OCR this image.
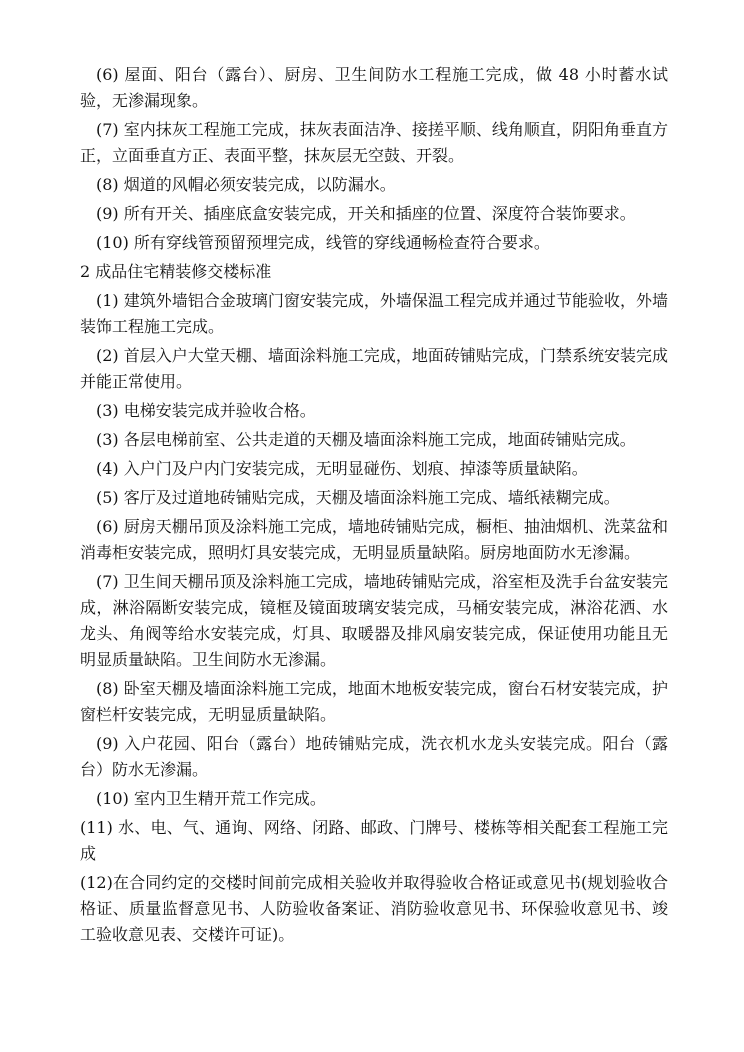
(6) 屋面、阳台（露台）、厨房、卫生间防水工程施工完成，做 48 小时蓄水试验，无渗漏现象。

(7) 室内抹灰工程施工完成，抹灰表面洁净、接搓平顺、线角顺直，阴阳角垂直方正，立面垂直方正、表面平整，抹灰层无空鼓、开裂。

(8) 烟道的风帽必须安装完成，以防漏水。

(9) 所有开关、插座底盒安装完成，开关和插座的位置、深度符合装饰要求。

(10) 所有穿线管预留预埋完成，线管的穿线通畅检查符合要求。

2 成品住宅精装修交楼标准

(1) 建筑外墙铝合金玻璃门窗安装完成，外墙保温工程完成并通过节能验收，外墙装饰工程施工完成。

(2) 首层入户大堂天棚、墙面涂料施工完成，地面砖铺贴完成，门禁系统安装完成并能正常使用。

(3) 电梯安装完成并验收合格。

(3) 各层电梯前室、公共走道的天棚及墙面涂料施工完成，地面砖铺贴完成。

(4) 入户门及户内门安装完成，无明显碰伤、划痕、掉漆等质量缺陷。

(5) 客厅及过道地砖铺贴完成，天棚及墙面涂料施工完成、墙纸裱糊完成。

(6) 厨房天棚吊顶及涂料施工完成，墙地砖铺贴完成，橱柜、抽油烟机、洗菜盆和消毒柜安装完成，照明灯具安装完成，无明显质量缺陷。厨房地面防水无渗漏。

(7) 卫生间天棚吊顶及涂料施工完成，墙地砖铺贴完成，浴室柜及洗手台盆安装完成，淋浴隔断安装完成，镜框及镜面玻璃安装完成，马桶安装完成，淋浴花洒、水龙头、角阀等给水安装完成，灯具、取暖器及排风扇安装完成，保证使用功能且无明显质量缺陷。卫生间防水无渗漏。

(8) 卧室天棚及墙面涂料施工完成，地面木地板安装完成，窗台石材安装完成，护窗栏杆安装完成，无明显质量缺陷。

(9) 入户花园、阳台（露台）地砖铺贴完成，洗衣机水龙头安装完成。阳台（露台）防水无渗漏。

(10) 室内卫生精开荒工作完成。

(11) 水、电、气、通询、网络、闭路、邮政、门牌号、楼栋等相关配套工程施工完成

(12)在合同约定的交楼时间前完成相关验收并取得验收合格证或意见书(规划验收合格证、质量监督意见书、人防验收备案证、消防验收意见书、环保验收意见书、竣工验收意见表、交楼许可证)。
